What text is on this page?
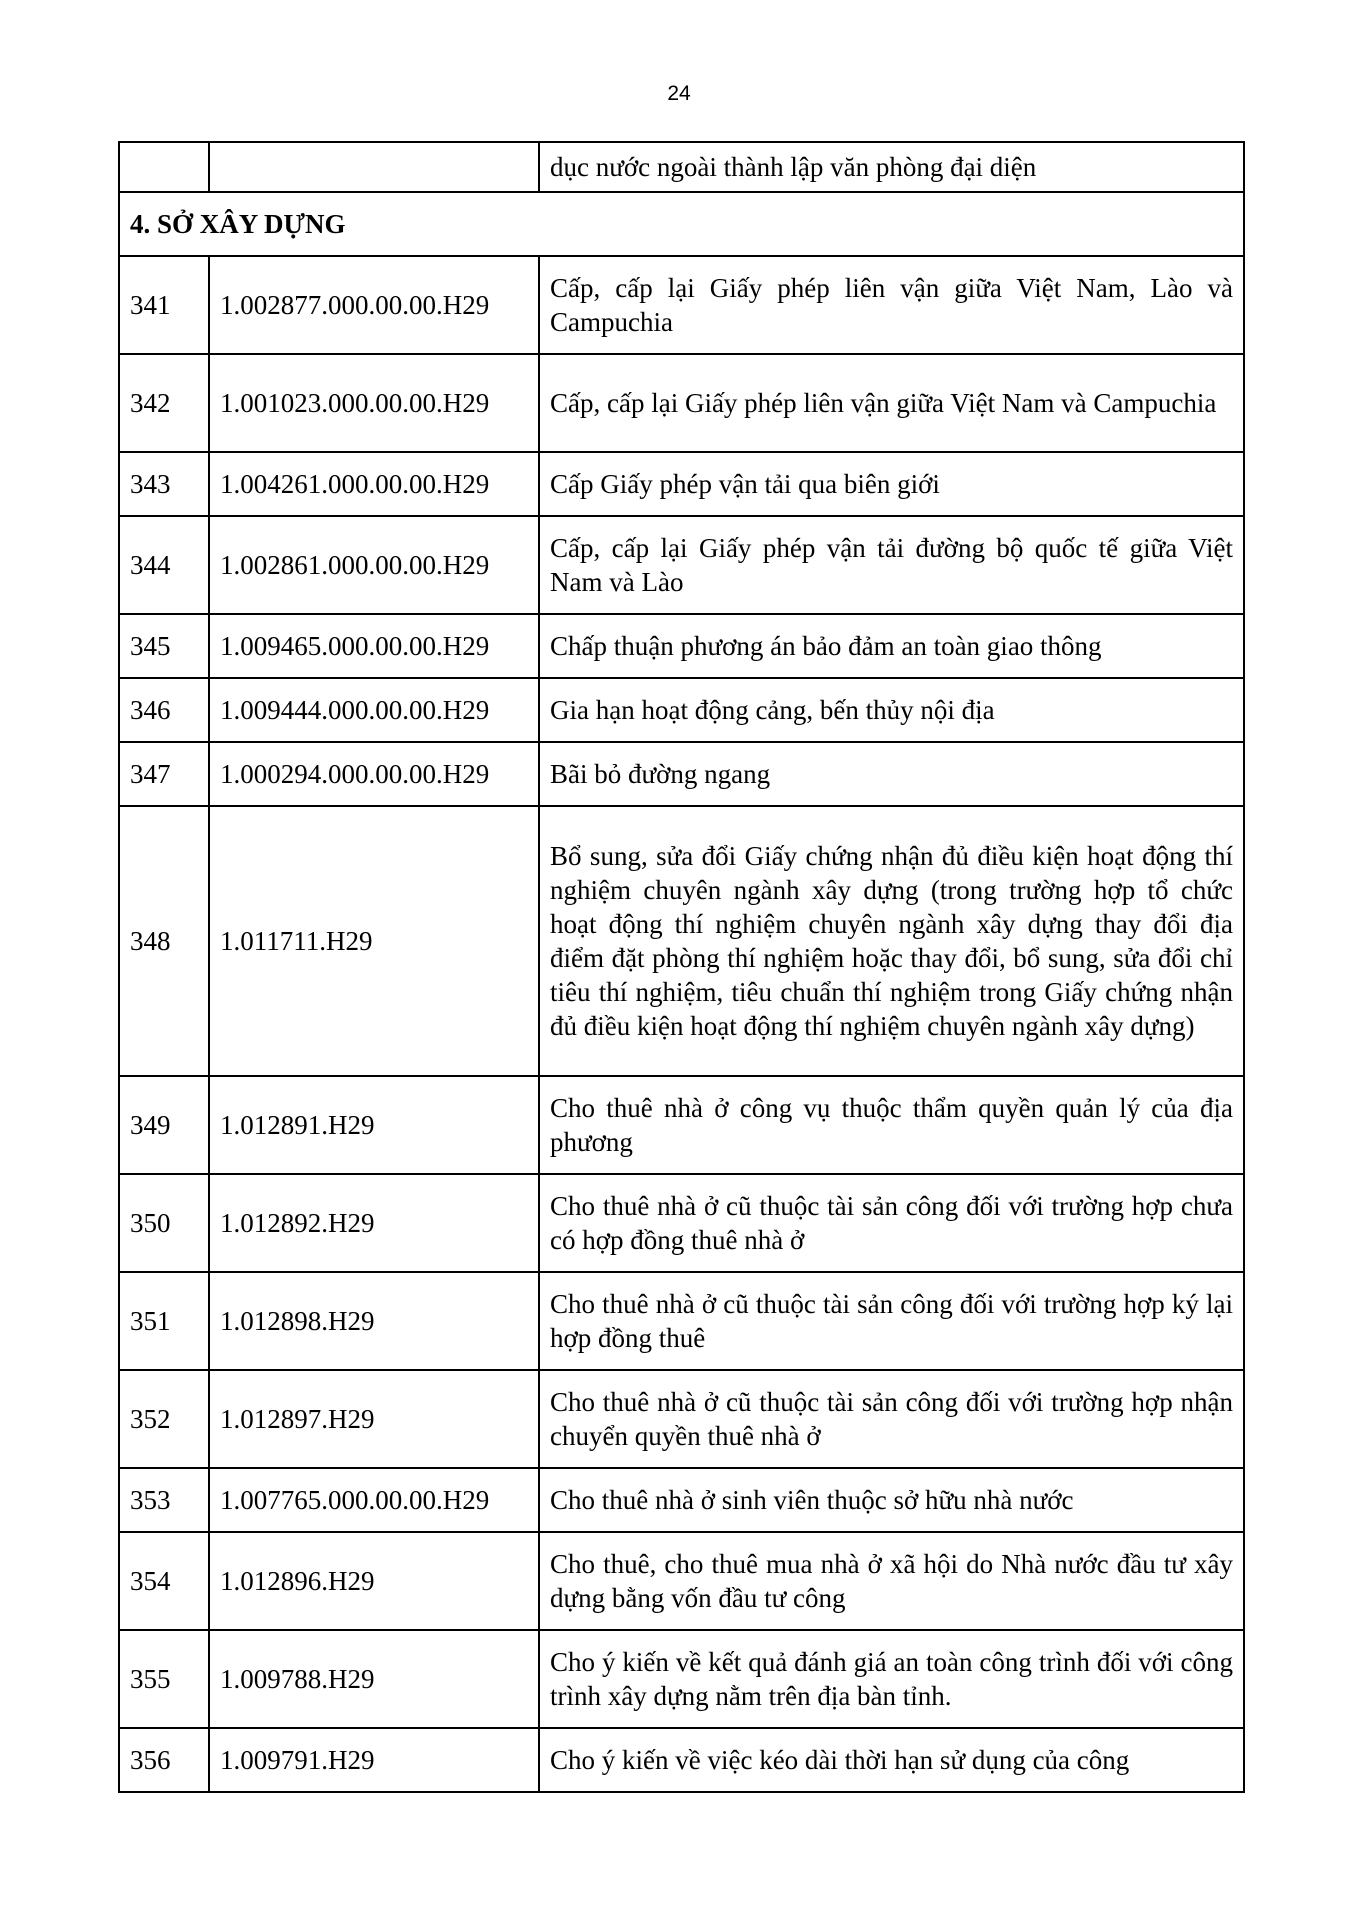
24
		dục nước ngoài thành lập văn phòng đại diện
4. SỞ XÂY DỰNG		
341	1.002877.000.00.00.H29	Cấp, cấp lại Giấy phép liên vận giữa Việt Nam, Lào và Campuchia
342	1.001023.000.00.00.H29	Cấp, cấp lại Giấy phép liên vận giữa Việt Nam và Campuchia
343	1.004261.000.00.00.H29	Cấp Giấy phép vận tải qua biên giới
344	1.002861.000.00.00.H29	Cấp, cấp lại Giấy phép vận tải đường bộ quốc tế giữa Việt Nam và Lào
345	1.009465.000.00.00.H29	Chấp thuận phương án bảo đảm an toàn giao thông
346	1.009444.000.00.00.H29	Gia hạn hoạt động cảng, bến thủy nội địa
347	1.000294.000.00.00.H29	Bãi bỏ đường ngang
348	1.011711.H29	Bổ sung, sửa đổi Giấy chứng nhận đủ điều kiện hoạt động thí nghiệm chuyên ngành xây dựng (trong trường hợp tổ chức hoạt động thí nghiệm chuyên ngành xây dựng thay đổi địa điểm đặt phòng thí nghiệm hoặc thay đổi, bổ sung, sửa đổi chỉ tiêu thí nghiệm, tiêu chuẩn thí nghiệm trong Giấy chứng nhận đủ điều kiện hoạt động thí nghiệm chuyên ngành xây dựng)
349	1.012891.H29	Cho thuê nhà ở công vụ thuộc thẩm quyền quản lý của địa phương
350	1.012892.H29	Cho thuê nhà ở cũ thuộc tài sản công đối với trường hợp chưa có hợp đồng thuê nhà ở
351	1.012898.H29	Cho thuê nhà ở cũ thuộc tài sản công đối với trường hợp ký lại hợp đồng thuê
352	1.012897.H29	Cho thuê nhà ở cũ thuộc tài sản công đối với trường hợp nhận chuyển quyền thuê nhà ở
353	1.007765.000.00.00.H29	Cho thuê nhà ở sinh viên thuộc sở hữu nhà nước
354	1.012896.H29	Cho thuê, cho thuê mua nhà ở xã hội do Nhà nước đầu tư xây dựng bằng vốn đầu tư công
355	1.009788.H29	Cho ý kiến về kết quả đánh giá an toàn công trình đối với công trình xây dựng nằm trên địa bàn tỉnh.
356	1.009791.H29	Cho ý kiến về việc kéo dài thời hạn sử dụng của công
